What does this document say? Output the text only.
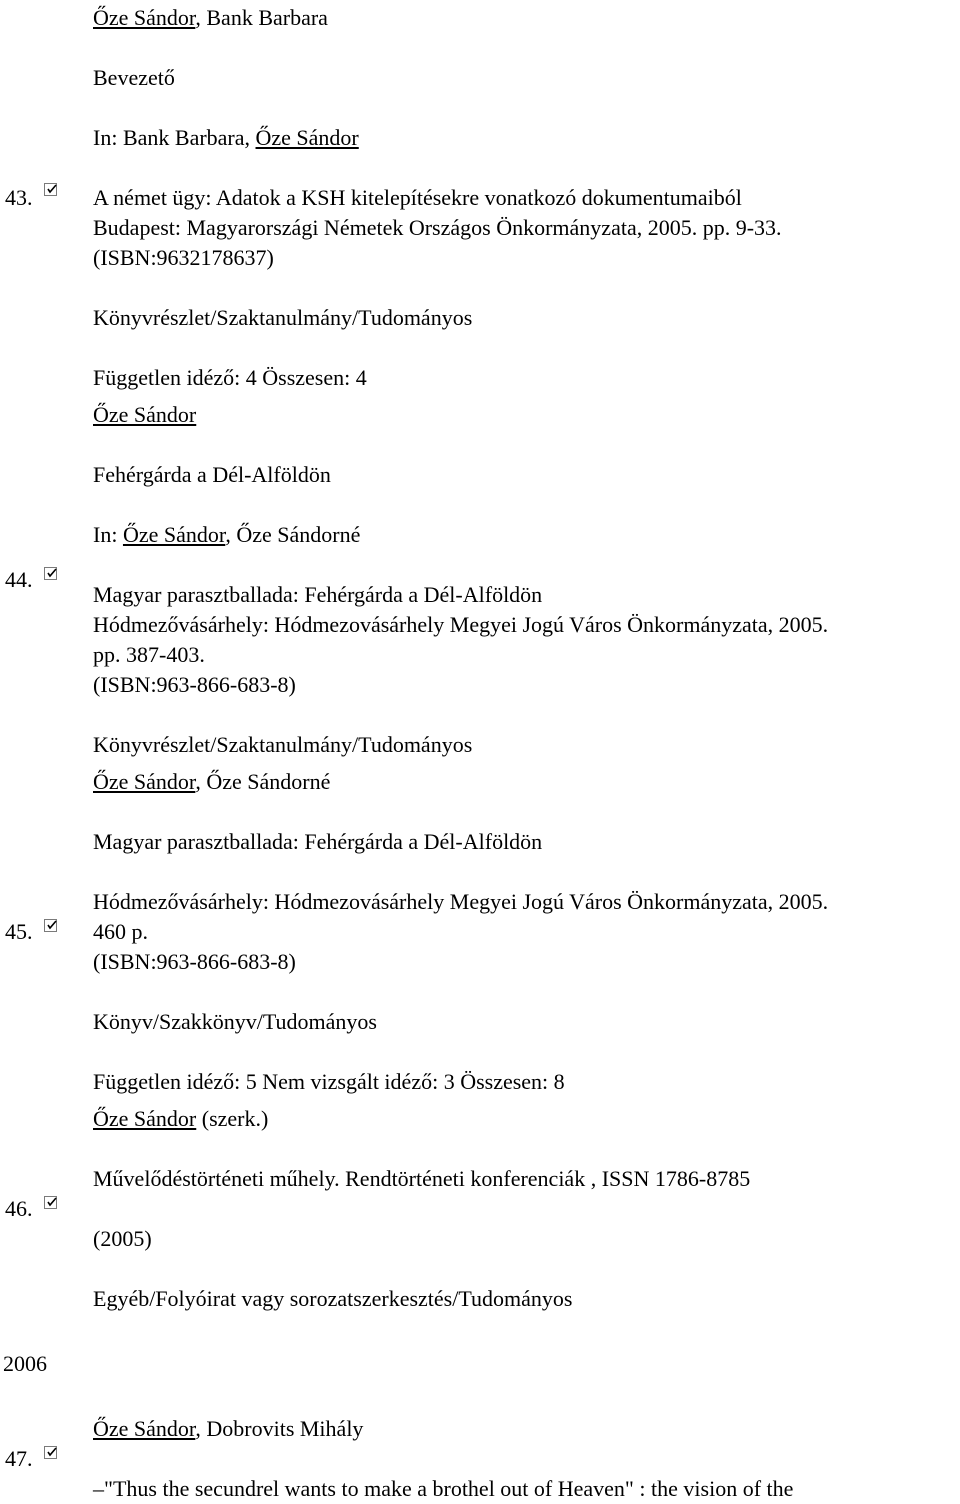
Őze Sándor, Bank Barbara
Bevezető
In: Bank Barbara, Őze Sándor
43.	A német ügy: Adatok a KSH kitelepítésekre vonatkozó dokumentumaiból
Budapest: Magyarországi Németek Országos Önkormányzata, 2005. pp. 9-33.
(ISBN:9632178637)
Könyvrészlet/Szaktanulmány/Tudományos
Független idéző: 4 Összesen: 4
Őze Sándor
Fehérgárda a Dél-Alföldön
In: Őze Sándor, Őze Sándorné
44.
Magyar parasztballada: Fehérgárda a Dél-Alföldön
Hódmezővásárhely: Hódmezovásárhely Megyei Jogú Város Önkormányzata, 2005.
pp. 387-403.
(ISBN:963-866-683-8)
Könyvrészlet/Szaktanulmány/Tudományos
Őze Sándor, Őze Sándorné
Magyar parasztballada: Fehérgárda a Dél-Alföldön
Hódmezővásárhely: Hódmezovásárhely Megyei Jogú Város Önkormányzata, 2005.
45.	460 p.
(ISBN:963-866-683-8)
Könyv/Szakkönyv/Tudományos
Független idéző: 5 Nem vizsgált idéző: 3 Összesen: 8
Őze Sándor (szerk.)
Művelődéstörténeti műhely. Rendtörténeti konferenciák , ISSN 1786-8785
46.
(2005)
Egyéb/Folyóirat vagy sorozatszerkesztés/Tudományos
2006
Őze Sándor, Dobrovits Mihály
47.
–"Thus the secundrel wants to make a brothel out of Heaven" : the vision of the
